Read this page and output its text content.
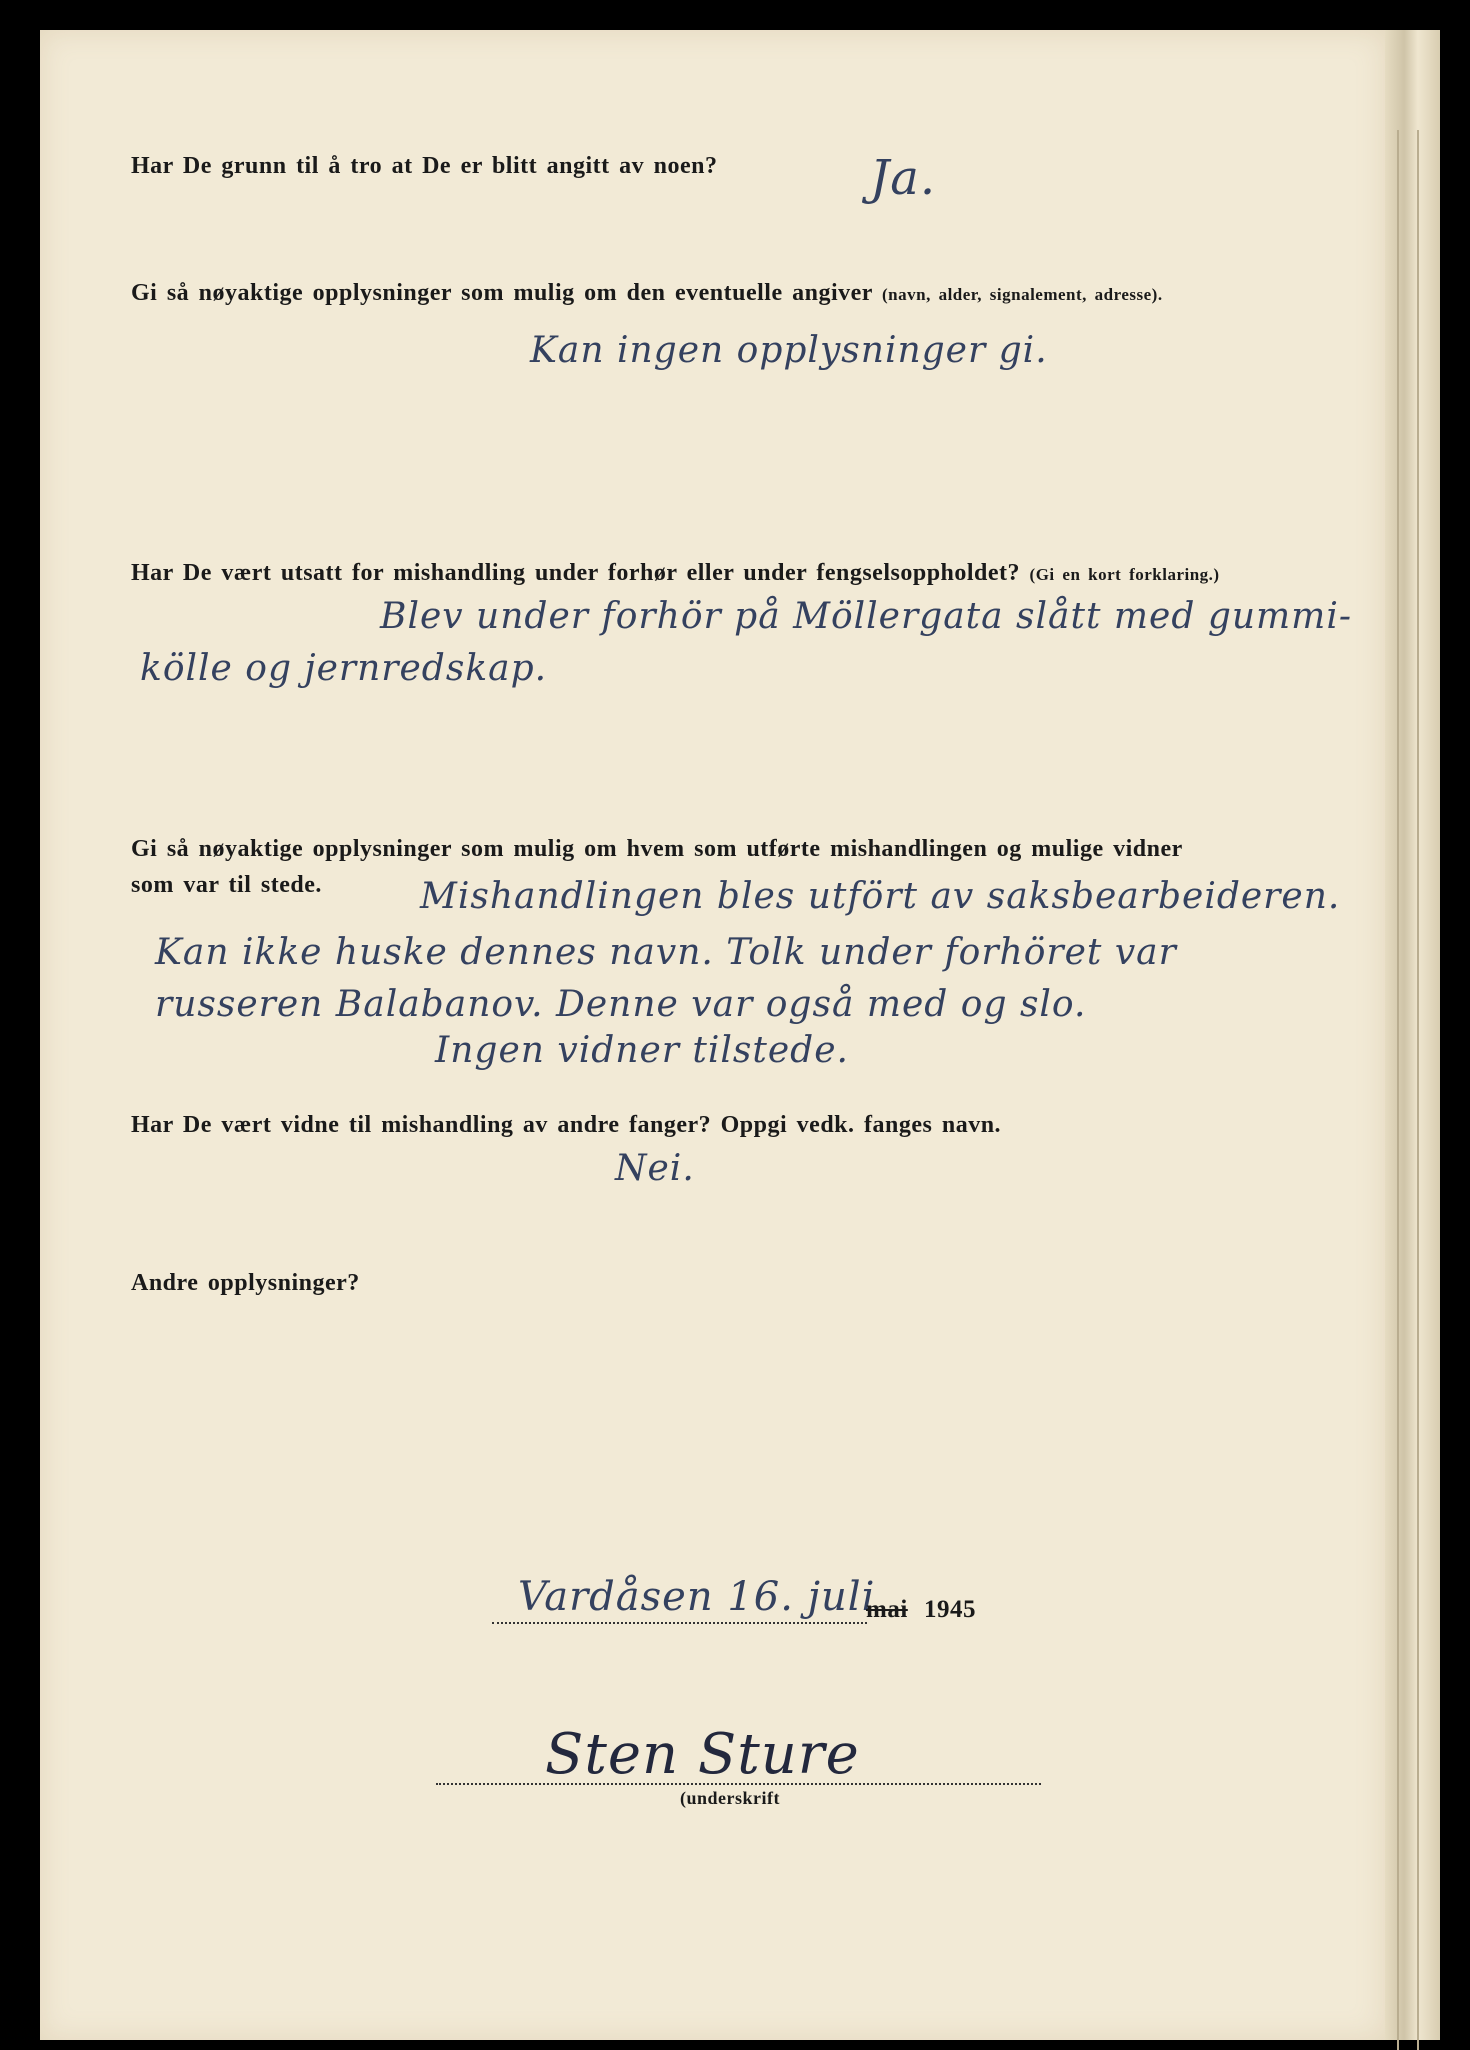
Har De grunn til å tro at De er blitt angitt av noen?	Ja.

Gi så nøyaktige opplysninger som mulig om den eventuelle angiver (navn, alder, signalement, adresse).

Kan ingen opplysninger gi.

Har De vært utsatt for mishandling under forhør eller under fengselsoppholdet? (Gi en kort forklaring.)

Blev under forhör på Möllergata slått med gummi-

kölle og jernredskap.

Gi så nøyaktige opplysninger som mulig om hvem som utførte mishandlingen og mulige vidner

som var til stede.	Mishandlingen bles utfört av saksbearbeideren.

Kan ikke huske dennes navn. Tolk under forhöret var

russeren Balabanov. Denne var også med og slo.

Ingen vidner tilstede.

Har De vært vidne til mishandling av andre fanger? Oppgi vedk. fanges navn.

Nei.

Andre opplysninger?

Vardåsen 16. juli

mai 1945

Sten Sture

(underskrift
